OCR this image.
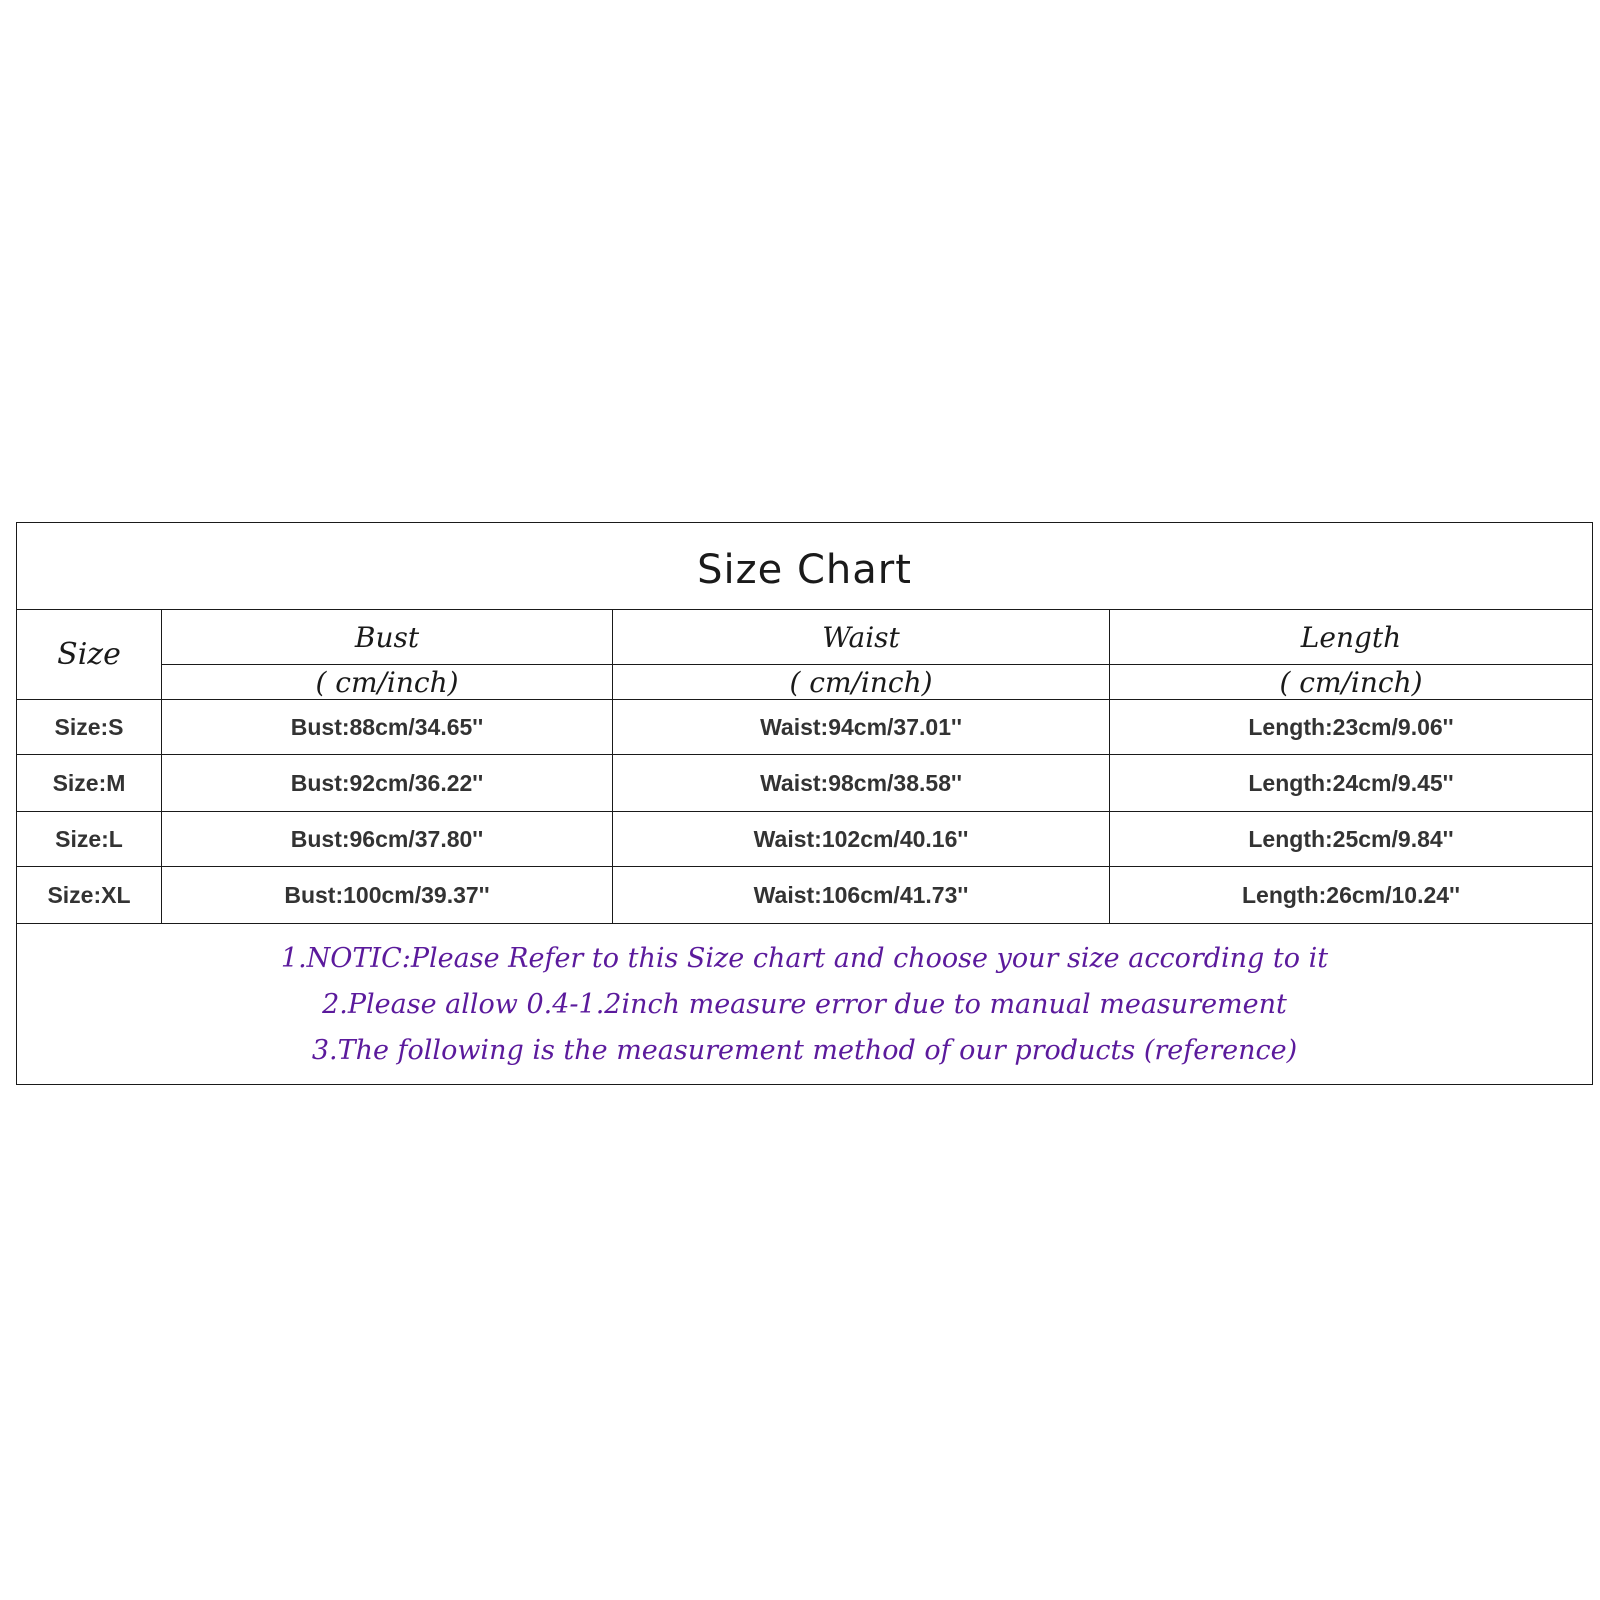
Size Chart			
Size	Bust	Waist	Length
	( cm/inch)	( cm/inch)	( cm/inch)
Size:S	Bust:88cm/34.65''	Waist:94cm/37.01''	Length:23cm/9.06''
Size:M	Bust:92cm/36.22''	Waist:98cm/38.58''	Length:24cm/9.45''
Size:L	Bust:96cm/37.80''	Waist:102cm/40.16''	Length:25cm/9.84''
Size:XL	Bust:100cm/39.37''	Waist:106cm/41.73''	Length:26cm/10.24''

1.NOTIC:Please Refer to this Size chart and choose your size according to it
2.Please allow 0.4-1.2inch measure error due to manual measurement
3.The following is the measurement method of our products (reference)			
